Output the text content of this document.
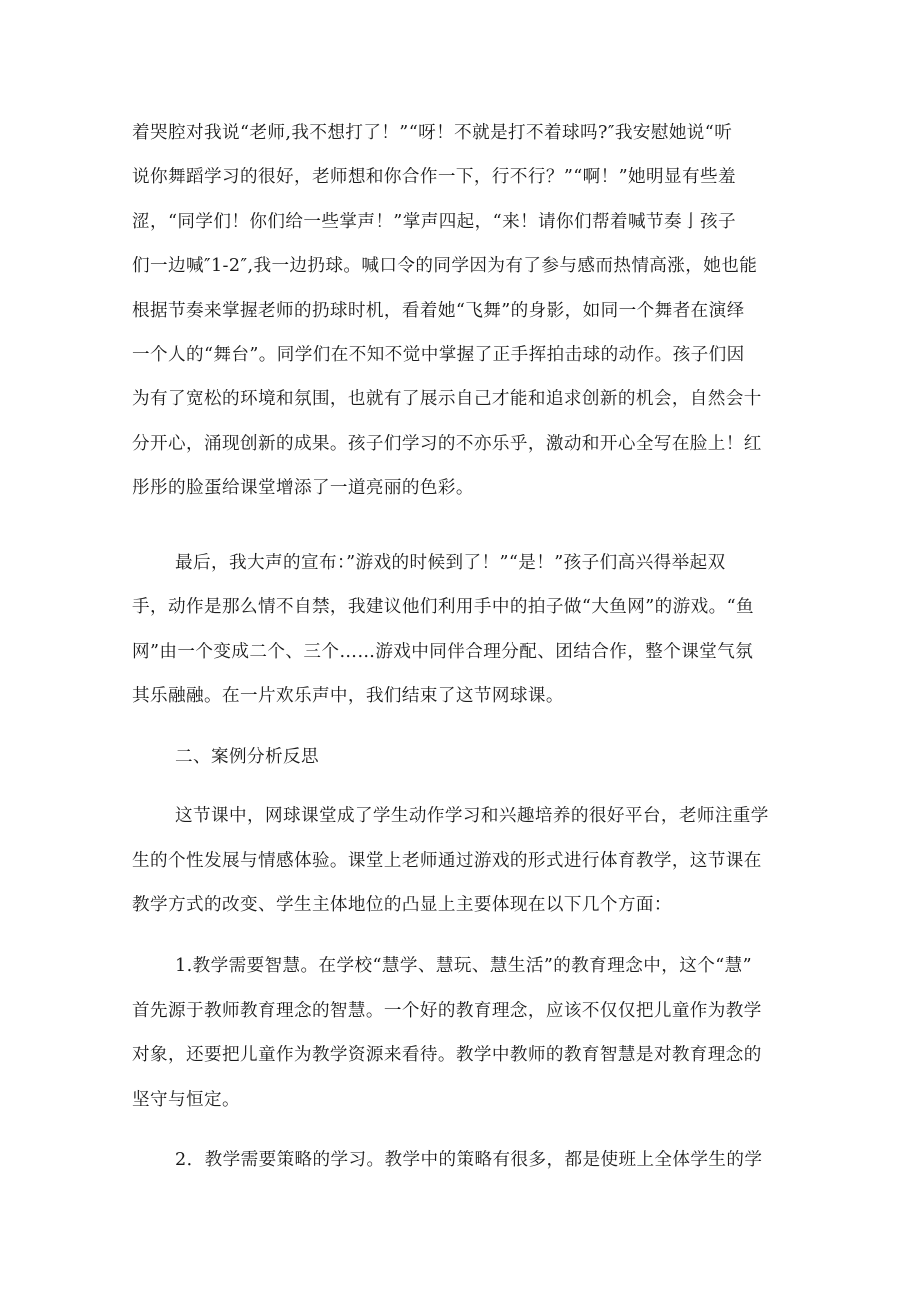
着哭腔对我说“老师,我不想打了！”“呀！不就是打不着球吗?″我安慰她说“听
说你舞蹈学习的很好，老师想和你合作一下，行不行？”“啊！”她明显有些羞
涩，“同学们！你们给一些掌声！”掌声四起，“来！请你们帮着喊节奏亅孩子
们一边喊″1-2″,我一边扔球。喊口令的同学因为有了参与感而热情高涨，她也能
根据节奏来掌握老师的扔球时机，看着她“飞舞”的身影，如同一个舞者在演绎
一个人的“舞台”。同学们在不知不觉中掌握了正手挥拍击球的动作。孩子们因
为有了宽松的环境和氛围，也就有了展示自己才能和追求创新的机会，自然会十
分开心，涌现创新的成果。孩子们学习的不亦乐乎，激动和开心全写在脸上！红
彤彤的脸蛋给课堂增添了一道亮丽的色彩。
最后，我大声的宣布：”游戏的时候到了！”“是！”孩子们高兴得举起双
手，动作是那么情不自禁，我建议他们利用手中的拍子做“大鱼网”的游戏。“鱼
网”由一个变成二个、三个……游戏中同伴合理分配、团结合作，整个课堂气氛
其乐融融。在一片欢乐声中，我们结束了这节网球课。
二、案例分析反思
这节课中，网球课堂成了学生动作学习和兴趣培养的很好平台，老师注重学
生的个性发展与情感体验。课堂上老师通过游戏的形式进行体育教学，这节课在
教学方式的改变、学生主体地位的凸显上主要体现在以下几个方面：
1.教学需要智慧。在学校“慧学、慧玩、慧生活”的教育理念中，这个“慧”
首先源于教师教育理念的智慧。一个好的教育理念，应该不仅仅把儿童作为教学
对象，还要把儿童作为教学资源来看待。教学中教师的教育智慧是对教育理念的
坚守与恒定。
2．教学需要策略的学习。教学中的策略有很多，都是使班上全体学生的学
